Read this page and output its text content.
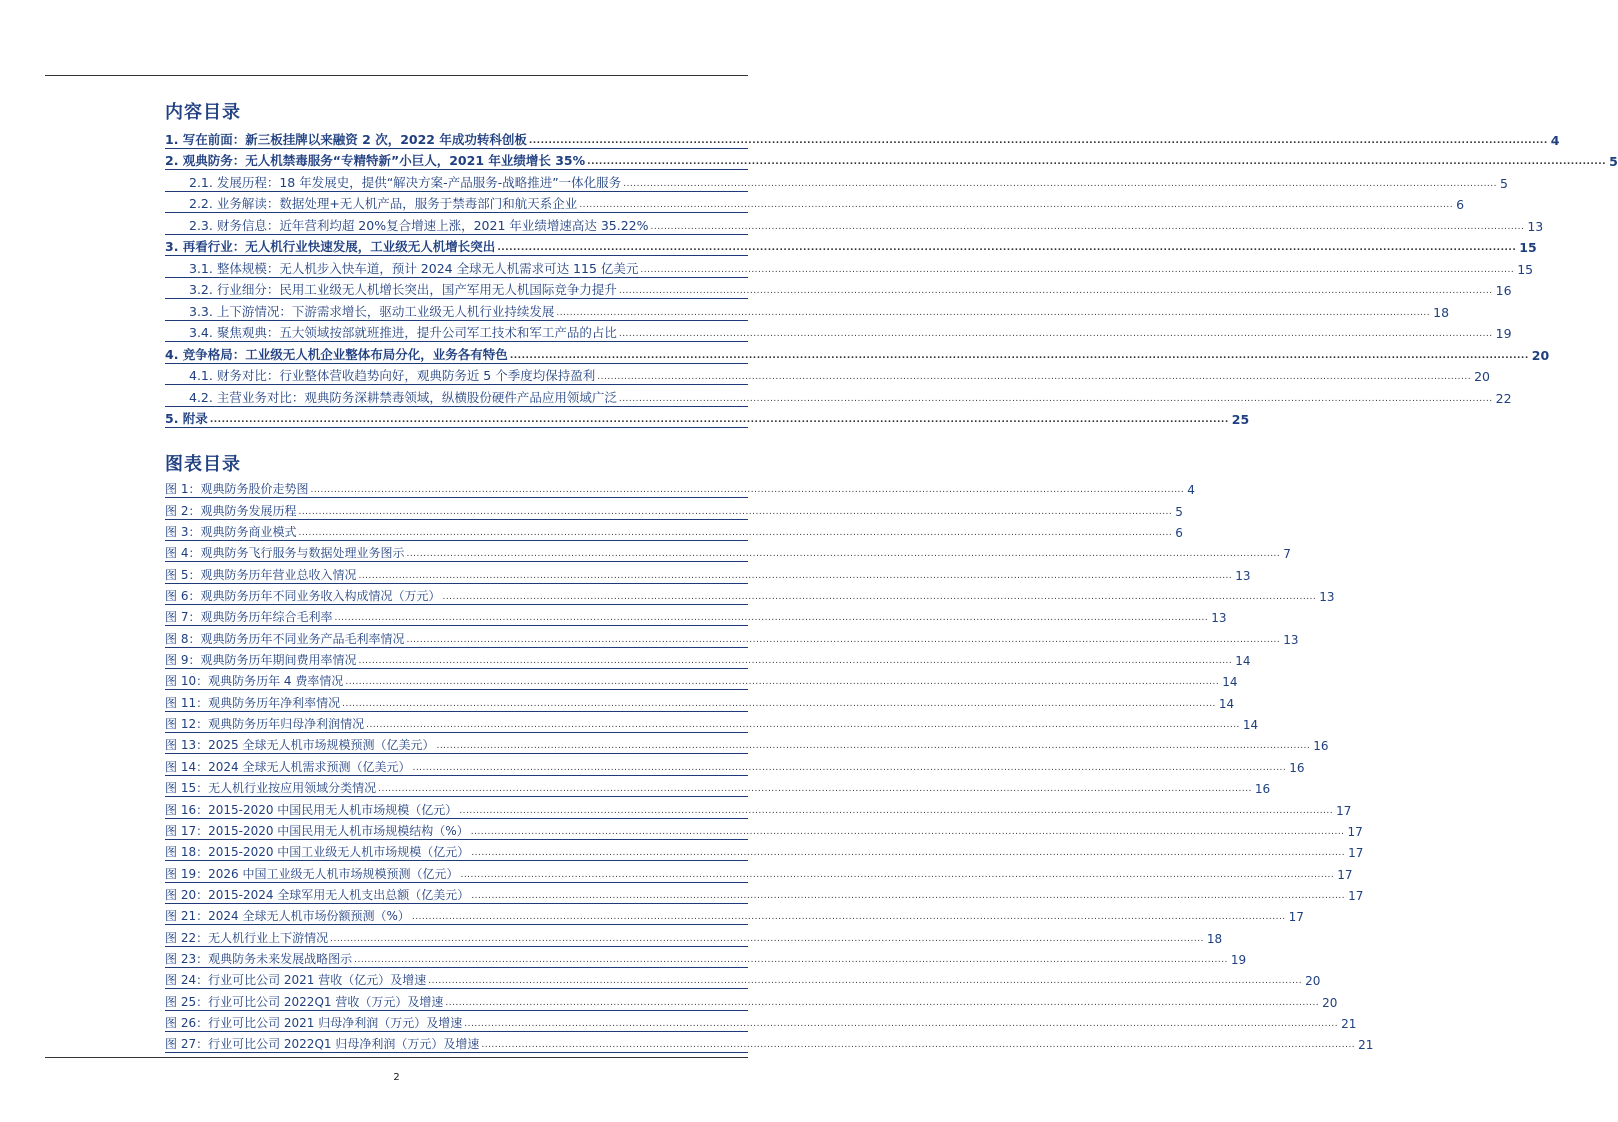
内容目录
1. 写在前面：新三板挂牌以来融资 2 次，2022 年成功转科创板 .................................................................................................................................................................................................................................................................... 4
2. 观典防务：无人机禁毒服务“专精特新”小巨人，2021 年业绩增长 35% .................................................................................................................................................................................................................................................................... 5
2.1. 发展历程：18 年发展史，提供“解决方案-产品服务-战略推进”一体化服务 .................................................................................................................................................................................................................................................................... 5
2.2. 业务解读：数据处理+无人机产品，服务于禁毒部门和航天系企业 .................................................................................................................................................................................................................................................................... 6
2.3. 财务信息：近年营利均超 20%复合增速上涨，2021 年业绩增速高达 35.22% .................................................................................................................................................................................................................................................................... 13
3. 再看行业：无人机行业快速发展，工业级无人机增长突出 .................................................................................................................................................................................................................................................................... 15
3.1. 整体规模：无人机步入快车道，预计 2024 全球无人机需求可达 115 亿美元 .................................................................................................................................................................................................................................................................... 15
3.2. 行业细分：民用工业级无人机增长突出，国产军用无人机国际竞争力提升 .................................................................................................................................................................................................................................................................... 16
3.3. 上下游情况：下游需求增长，驱动工业级无人机行业持续发展 .................................................................................................................................................................................................................................................................... 18
3.4. 聚焦观典：五大领域按部就班推进，提升公司军工技术和军工产品的占比 .................................................................................................................................................................................................................................................................... 19
4. 竞争格局：工业级无人机企业整体布局分化，业务各有特色 .................................................................................................................................................................................................................................................................... 20
4.1. 财务对比：行业整体营收趋势向好，观典防务近 5 个季度均保持盈利 .................................................................................................................................................................................................................................................................... 20
4.2. 主营业务对比：观典防务深耕禁毒领域，纵横股份硬件产品应用领域广泛 .................................................................................................................................................................................................................................................................... 22
5. 附录 .................................................................................................................................................................................................................................................................... 25
图表目录
图 1：观典防务股价走势图 .................................................................................................................................................................................................................................................................... 4
图 2：观典防务发展历程 .................................................................................................................................................................................................................................................................... 5
图 3：观典防务商业模式 .................................................................................................................................................................................................................................................................... 6
图 4：观典防务飞行服务与数据处理业务图示 .................................................................................................................................................................................................................................................................... 7
图 5：观典防务历年营业总收入情况 .................................................................................................................................................................................................................................................................... 13
图 6：观典防务历年不同业务收入构成情况（万元） .................................................................................................................................................................................................................................................................... 13
图 7：观典防务历年综合毛利率 .................................................................................................................................................................................................................................................................... 13
图 8：观典防务历年不同业务产品毛利率情况 .................................................................................................................................................................................................................................................................... 13
图 9：观典防务历年期间费用率情况 .................................................................................................................................................................................................................................................................... 14
图 10：观典防务历年 4 费率情况 .................................................................................................................................................................................................................................................................... 14
图 11：观典防务历年净利率情况 .................................................................................................................................................................................................................................................................... 14
图 12：观典防务历年归母净利润情况 .................................................................................................................................................................................................................................................................... 14
图 13：2025 全球无人机市场规模预测（亿美元） .................................................................................................................................................................................................................................................................... 16
图 14：2024 全球无人机需求预测（亿美元） .................................................................................................................................................................................................................................................................... 16
图 15：无人机行业按应用领域分类情况 .................................................................................................................................................................................................................................................................... 16
图 16：2015-2020 中国民用无人机市场规模（亿元） .................................................................................................................................................................................................................................................................... 17
图 17：2015-2020 中国民用无人机市场规模结构（%） .................................................................................................................................................................................................................................................................... 17
图 18：2015-2020 中国工业级无人机市场规模（亿元） .................................................................................................................................................................................................................................................................... 17
图 19：2026 中国工业级无人机市场规模预测（亿元） .................................................................................................................................................................................................................................................................... 17
图 20：2015-2024 全球军用无人机支出总额（亿美元） .................................................................................................................................................................................................................................................................... 17
图 21：2024 全球无人机市场份额预测（%） .................................................................................................................................................................................................................................................................... 17
图 22：无人机行业上下游情况 .................................................................................................................................................................................................................................................................... 18
图 23：观典防务未来发展战略图示 .................................................................................................................................................................................................................................................................... 19
图 24：行业可比公司 2021 营收（亿元）及增速 .................................................................................................................................................................................................................................................................... 20
图 25：行业可比公司 2022Q1 营收（万元）及增速 .................................................................................................................................................................................................................................................................... 20
图 26：行业可比公司 2021 归母净利润（万元）及增速 .................................................................................................................................................................................................................................................................... 21
图 27：行业可比公司 2022Q1 归母净利润（万元）及增速 .................................................................................................................................................................................................................................................................... 21
2
